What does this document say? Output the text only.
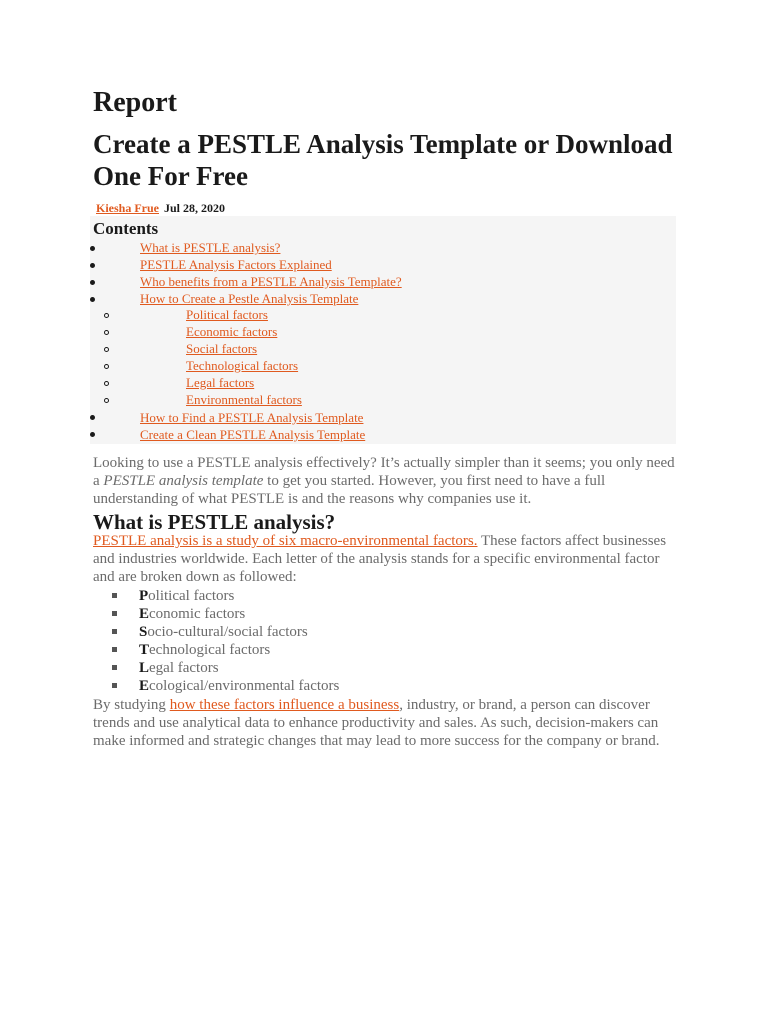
Report
Create a PESTLE Analysis Template or Download One For Free
Kiesha Frue Jul 28, 2020
Contents
What is PESTLE analysis?
PESTLE Analysis Factors Explained
Who benefits from a PESTLE Analysis Template?
How to Create a Pestle Analysis Template
Political factors
Economic factors
Social factors
Technological factors
Legal factors
Environmental factors
How to Find a PESTLE Analysis Template
Create a Clean PESTLE Analysis Template

Looking to use a PESTLE analysis effectively? It’s actually simpler than it seems; you only need a PESTLE analysis template to get you started. However, you first need to have a full understanding of what PESTLE is and the reasons why companies use it.

What is PESTLE analysis?

PESTLE analysis is a study of six macro-environmental factors. These factors affect businesses and industries worldwide. Each letter of the analysis stands for a specific environmental factor and are broken down as followed:

Political factors
Economic factors
Socio-cultural/social factors
Technological factors
Legal factors
Ecological/environmental factors

By studying how these factors influence a business, industry, or brand, a person can discover trends and use analytical data to enhance productivity and sales. As such, decision-makers can make informed and strategic changes that may lead to more success for the company or brand.
